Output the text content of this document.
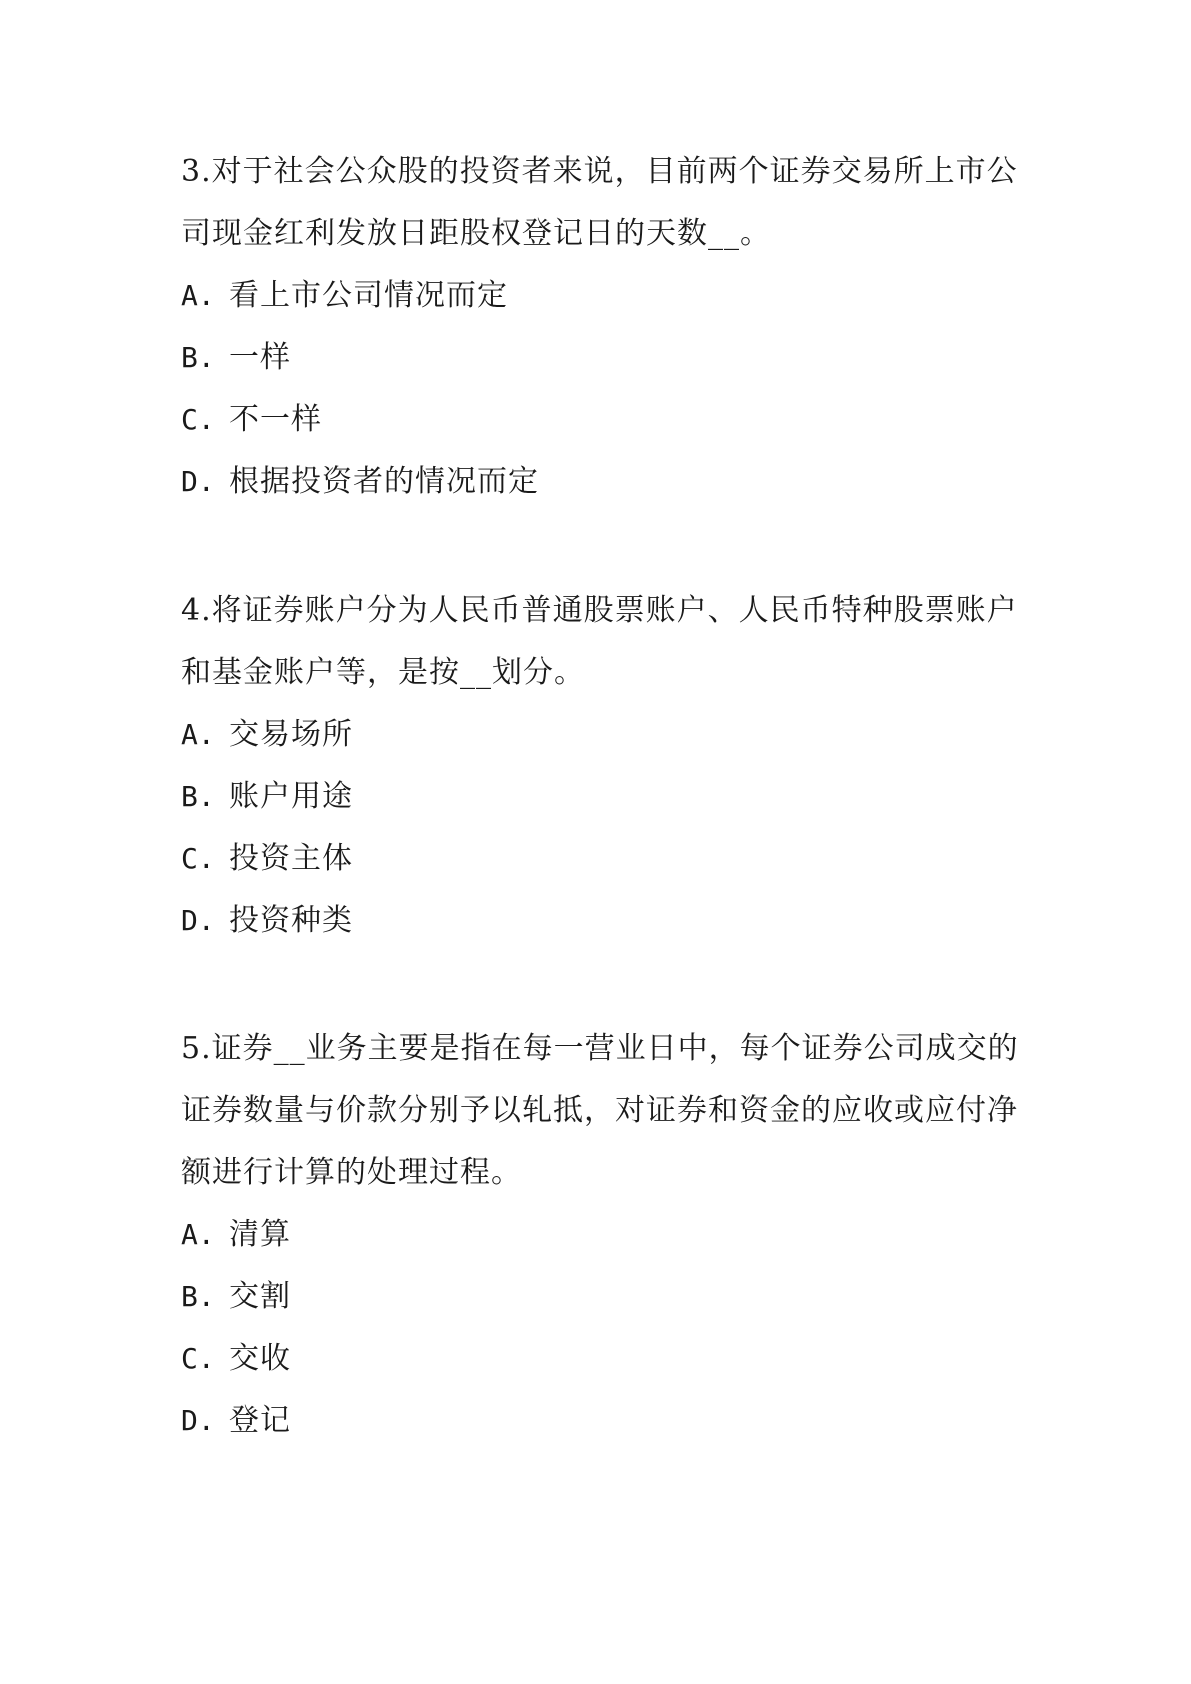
3.对于社会公众股的投资者来说，目前两个证券交易所上市公司现金红利发放日距股权登记日的天数__。

A. 看上市公司情况而定
B. 一样
C. 不一样
D. 根据投资者的情况而定

4.将证券账户分为人民币普通股票账户、人民币特种股票账户和基金账户等，是按__划分。

A. 交易场所
B. 账户用途
C. 投资主体
D. 投资种类

5.证券__业务主要是指在每一营业日中，每个证券公司成交的证券数量与价款分别予以轧抵，对证券和资金的应收或应付净额进行计算的处理过程。

A. 清算
B. 交割
C. 交收
D. 登记
